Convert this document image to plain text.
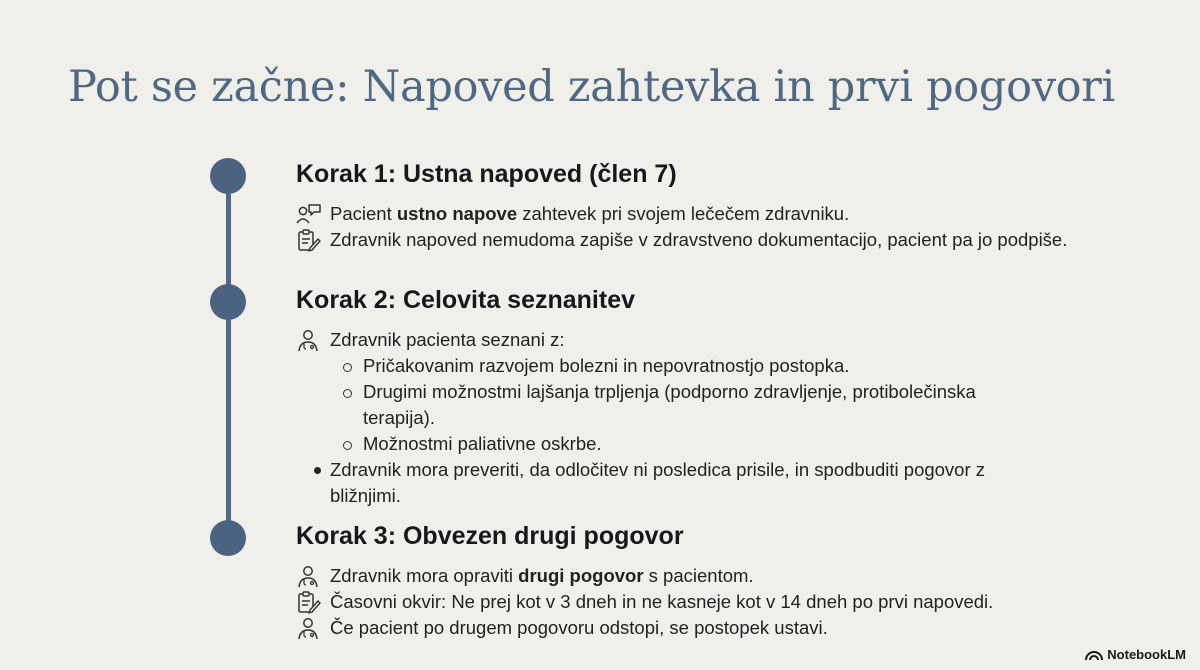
Pot se začne: Napoved zahtevka in prvi pogovori
Korak 1: Ustna napoved (člen 7)
Pacient ustno napove zahtevek pri svojem lečečem zdravniku.
Zdravnik napoved nemudoma zapiše v zdravstveno dokumentacijo, pacient pa jo podpiše.
Korak 2: Celovita seznanitev
Zdravnik pacienta seznani z:
Pričakovanim razvojem bolezni in nepovratnostjo postopka.
Drugimi možnostmi lajšanja trpljenja (podporno zdravljenje, protibolečinska terapija).
Možnostmi paliativne oskrbe.
Zdravnik mora preveriti, da odločitev ni posledica prisile, in spodbuditi pogovor z bližnjimi.
Korak 3: Obvezen drugi pogovor
Zdravnik mora opraviti drugi pogovor s pacientom.
Časovni okvir: Ne prej kot v 3 dneh in ne kasneje kot v 14 dneh po prvi napovedi.
Če pacient po drugem pogovoru odstopi, se postopek ustavi.
NotebookLM
